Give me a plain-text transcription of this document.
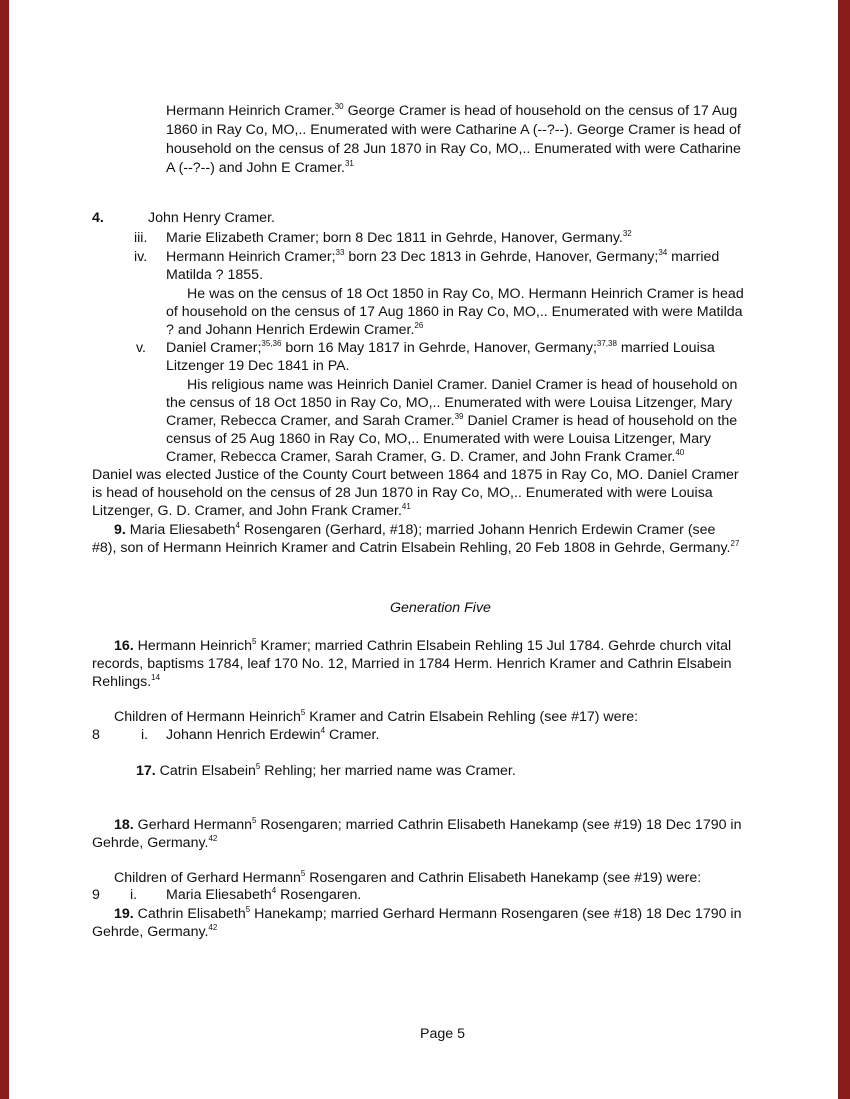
Hermann Heinrich Cramer.$^{30}$ George Cramer is head of household on the census of 17 Aug
1860 in Ray Co, MO,.. Enumerated with were Catharine A (--?--). George Cramer is head of
household on the census of 28 Jun 1870 in Ray Co, MO,.. Enumerated with were Catharine
A (--?--) and John E Cramer.$^{31}$
4.	John Henry Cramer.
iii. Marie Elizabeth Cramer; born 8 Dec 1811 in Gehrde, Hanover, Germany.$^{32}$
iv. Hermann Heinrich Cramer;$^{33}$ born 23 Dec 1813 in Gehrde, Hanover, Germany;$^{34}$ married
Matilda ? 1855.
He was on the census of 18 Oct 1850 in Ray Co, MO. Hermann Heinrich Cramer is head
of household on the census of 17 Aug 1860 in Ray Co, MO,.. Enumerated with were Matilda
? and Johann Henrich Erdewin Cramer.$^{26}$
v. Daniel Cramer;$^{35,36}$ born 16 May 1817 in Gehrde, Hanover, Germany;$^{37,38}$ married Louisa
Litzenger 19 Dec 1841 in PA.
His religious name was Heinrich Daniel Cramer. Daniel Cramer is head of household on
the census of 18 Oct 1850 in Ray Co, MO,.. Enumerated with were Louisa Litzenger, Mary
Cramer, Rebecca Cramer, and Sarah Cramer.$^{39}$ Daniel Cramer is head of household on the
census of 25 Aug 1860 in Ray Co, MO,.. Enumerated with were Louisa Litzenger, Mary
Cramer, Rebecca Cramer, Sarah Cramer, G. D. Cramer, and John Frank Cramer.$^{40}$
Daniel was elected Justice of the County Court between 1864 and 1875 in Ray Co, MO. Daniel Cramer
is head of household on the census of 28 Jun 1870 in Ray Co, MO,.. Enumerated with were Louisa
Litzenger, G. D. Cramer, and John Frank Cramer.$^{41}$
9. Maria Eliesabeth$^4$ Rosengaren (Gerhard, #18); married Johann Henrich Erdewin Cramer (see
#8), son of Hermann Heinrich Kramer and Catrin Elsabein Rehling, 20 Feb 1808 in Gehrde, Germany.$^{27}$
Generation Five
16. Hermann Heinrich$^5$ Kramer; married Cathrin Elsabein Rehling 15 Jul 1784. Gehrde church vital
records, baptisms 1784, leaf 170 No. 12, Married in 1784 Herm. Henrich Kramer and Cathrin Elsabein
Rehlings.$^{14}$
Children of Hermann Heinrich$^5$ Kramer and Catrin Elsabein Rehling (see #17) were:
8	i. Johann Henrich Erdewin$^4$ Cramer.
17. Catrin Elsabein$^5$ Rehling; her married name was Cramer.
18. Gerhard Hermann$^5$ Rosengaren; married Cathrin Elisabeth Hanekamp (see #19) 18 Dec 1790 in
Gehrde, Germany.$^{42}$
Children of Gerhard Hermann$^5$ Rosengaren and Cathrin Elisabeth Hanekamp (see #19) were:
9 i. Maria Eliesabeth$^4$ Rosengaren.
19. Cathrin Elisabeth$^5$ Hanekamp; married Gerhard Hermann Rosengaren (see #18) 18 Dec 1790 in
Gehrde, Germany.$^{42}$
Page 5
